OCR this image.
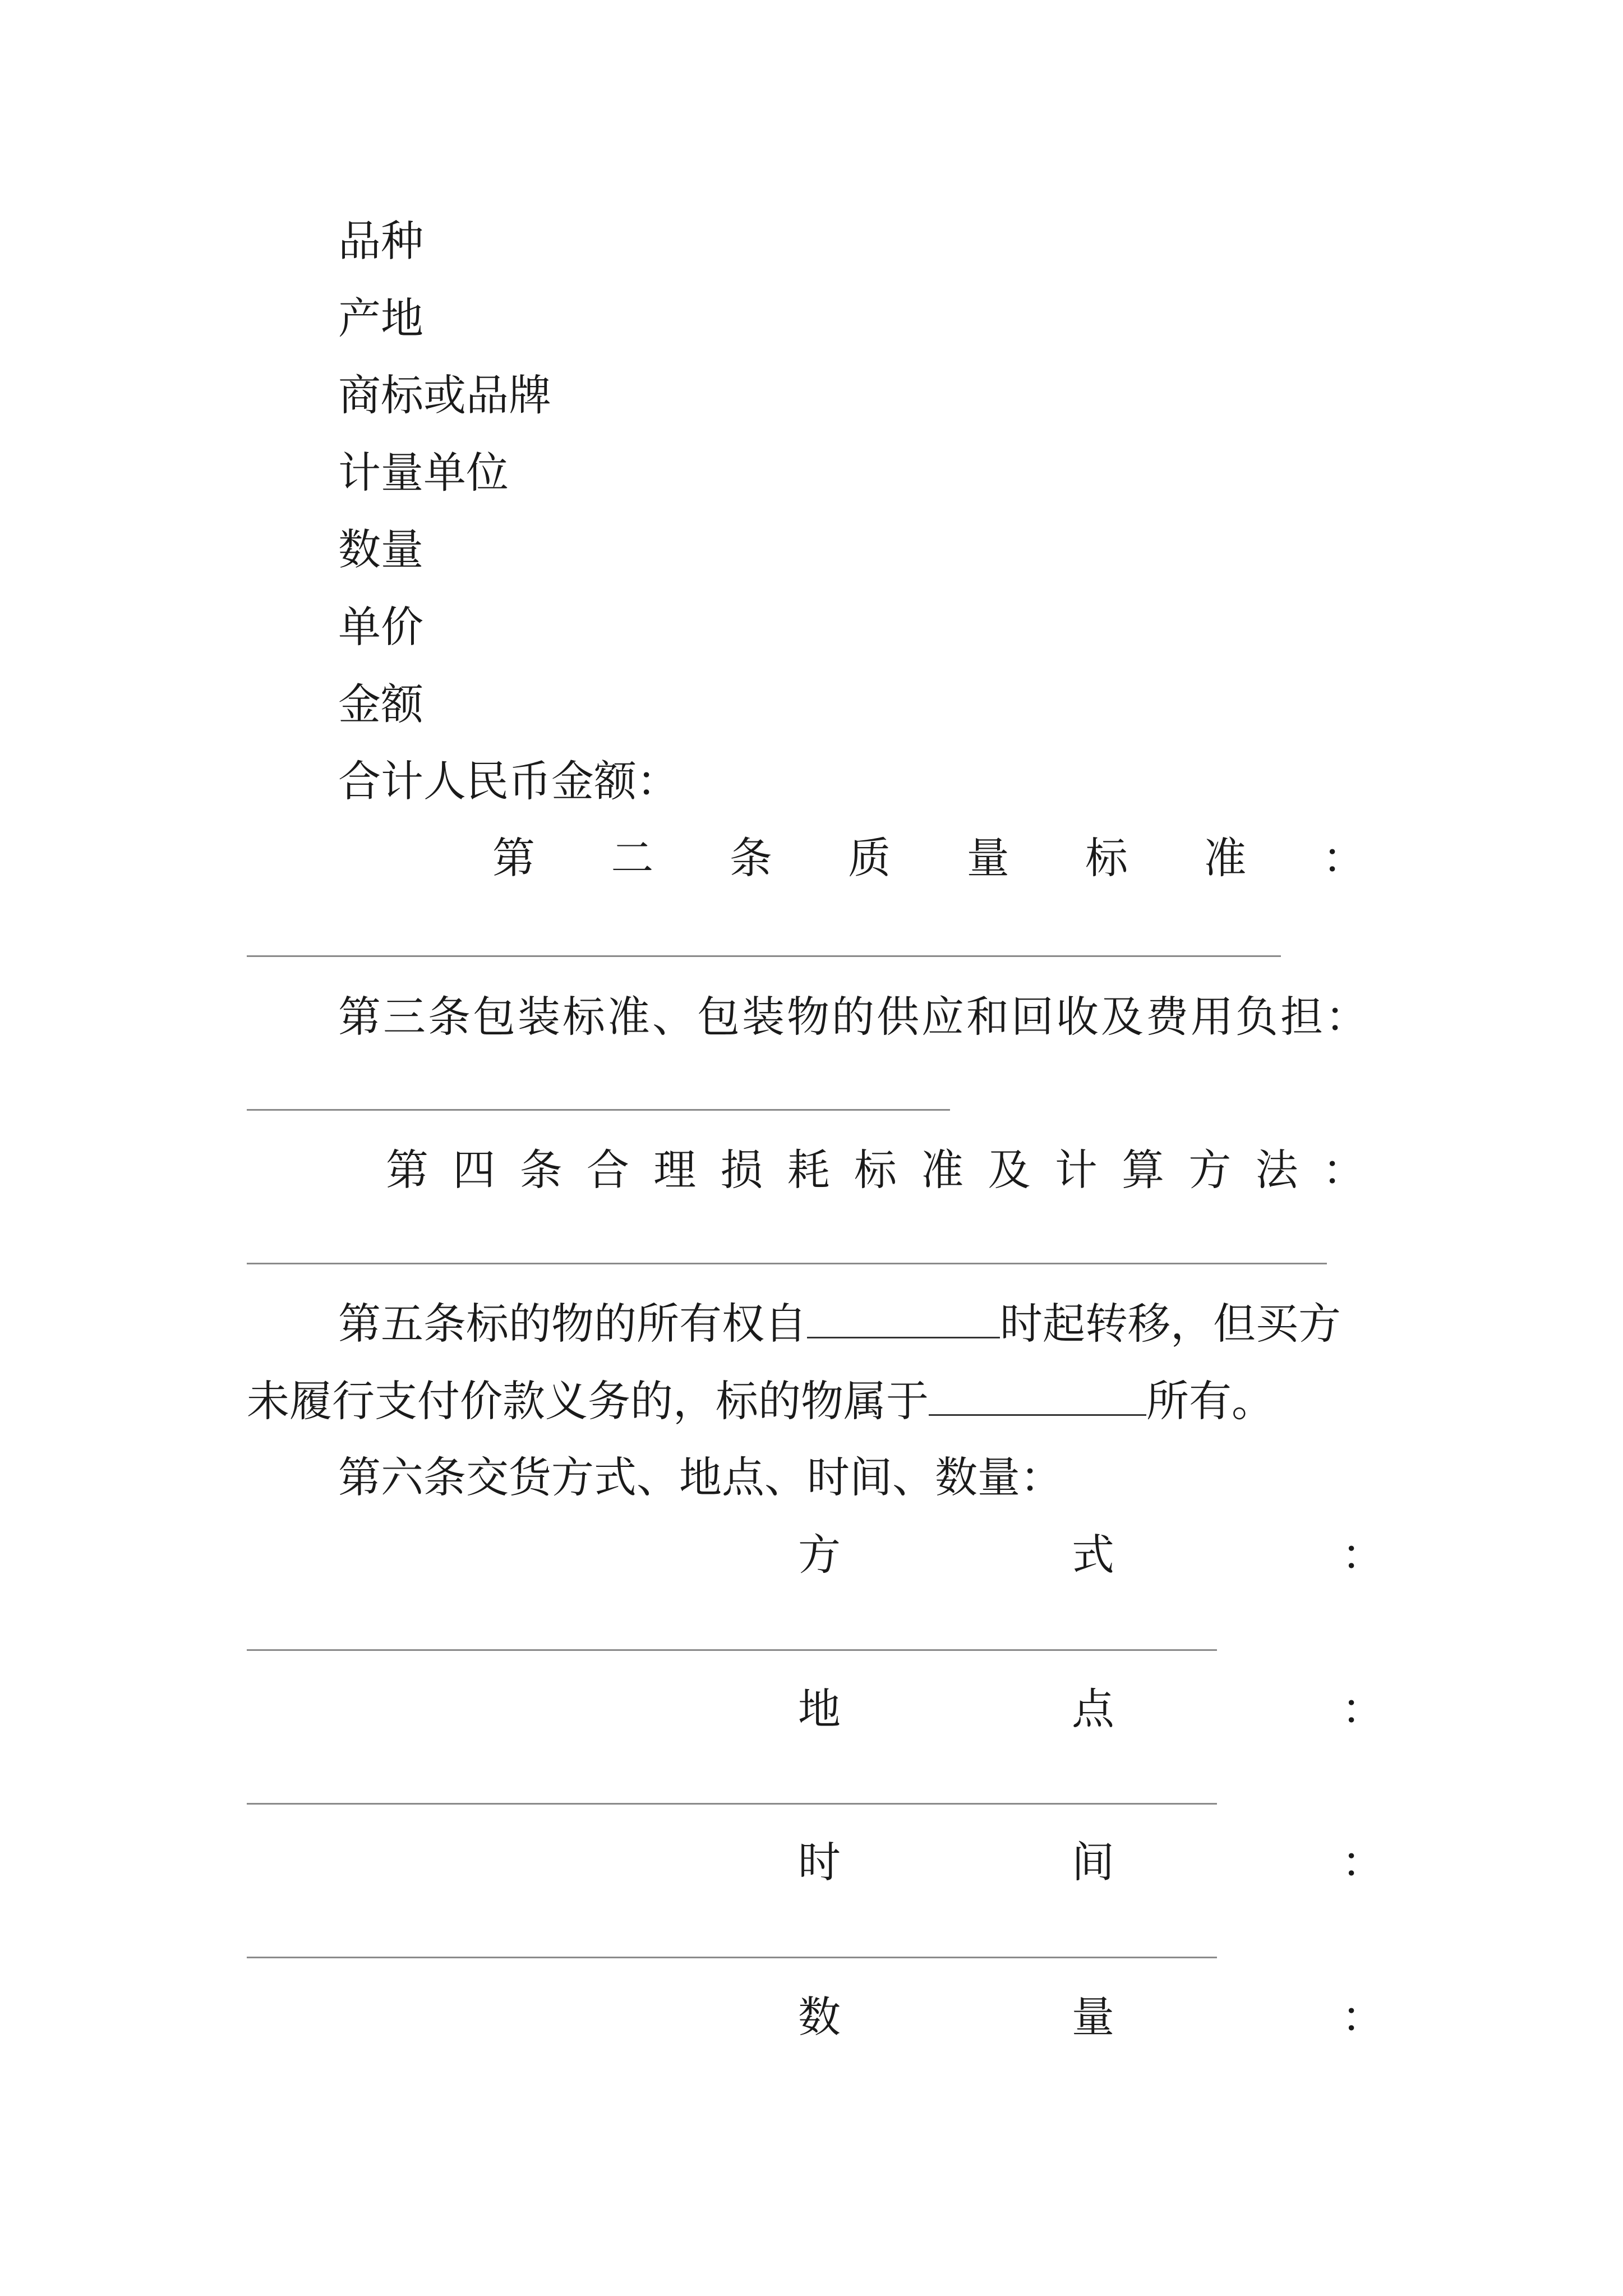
品种
产地
商标或品牌
计量单位
数量
单价
金额
合计人民币金额：
第 二 条 质 量 标 准 ：
第三条包装标准、包装物的供应和回收及费用负担：
第 四 条 合 理 损 耗 标 准 及 计 算 方 法 ：
第五条标的物的所有权自	时起转移，但买方
未履行支付价款义务的，标的物属于	所有。
第六条交货方式、地点、时间、数量：
方	式	：
地	点	：
时	间	：
数	量	：
